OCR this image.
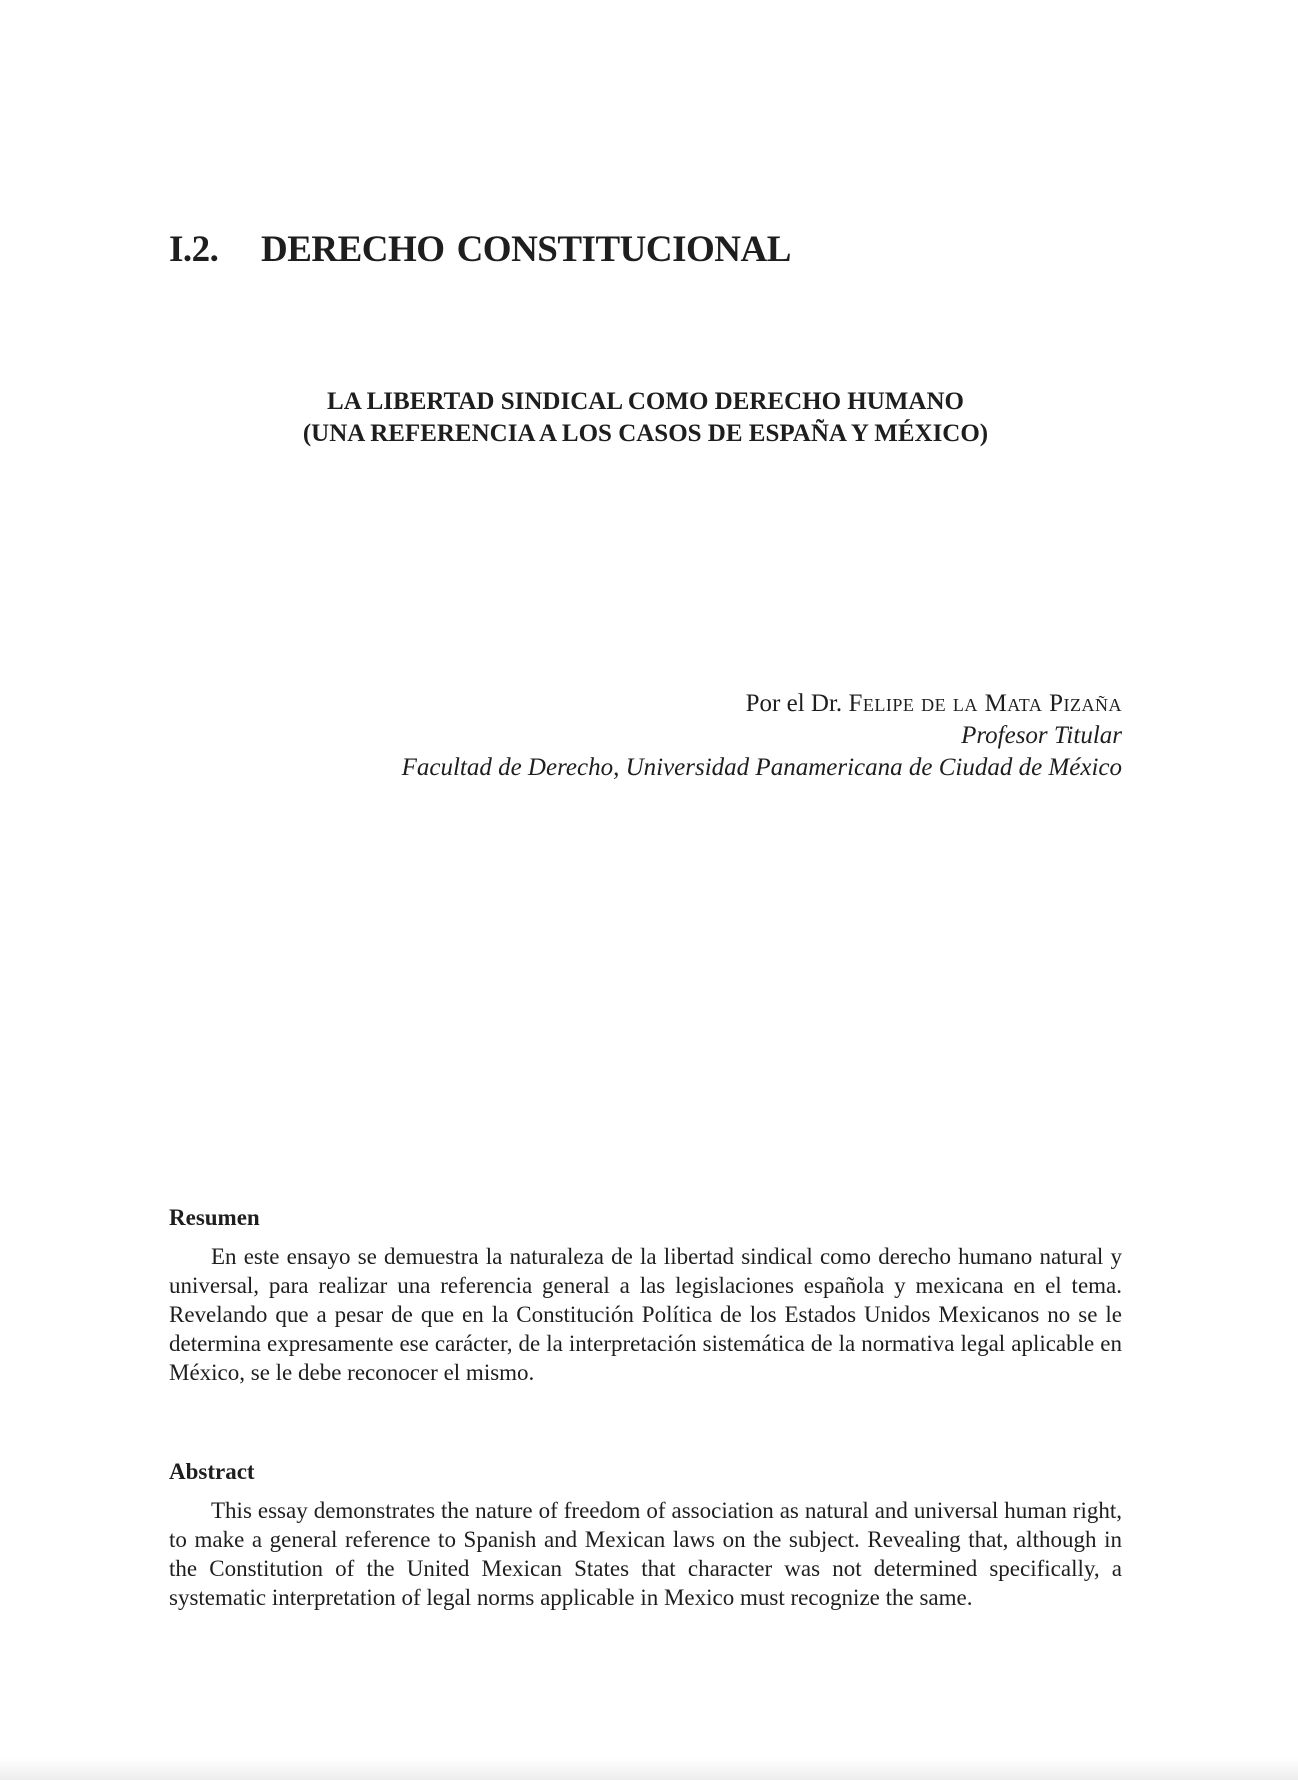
I.2. DERECHO CONSTITUCIONAL
LA LIBERTAD SINDICAL COMO DERECHO HUMANO
(UNA REFERENCIA A LOS CASOS DE ESPAÑA Y MÉXICO)
Por el Dr. Felipe de la Mata Pizaña
Profesor Titular
Facultad de Derecho, Universidad Panamericana de Ciudad de México
Resumen

En este ensayo se demuestra la naturaleza de la libertad sindical como derecho humano natural y universal, para realizar una referencia general a las legislaciones española y mexicana en el tema. Revelando que a pesar de que en la Constitución Política de los Estados Unidos Mexicanos no se le determina expresamente ese carácter, de la interpretación sistemática de la normativa legal aplicable en México, se le debe reconocer el mismo.

Abstract

This essay demonstrates the nature of freedom of association as natural and universal human right, to make a general reference to Spanish and Mexican laws on the subject. Revealing that, although in the Constitution of the United Mexican States that character was not determined specifically, a systematic interpretation of legal norms applicable in Mexico must recognize the same.
